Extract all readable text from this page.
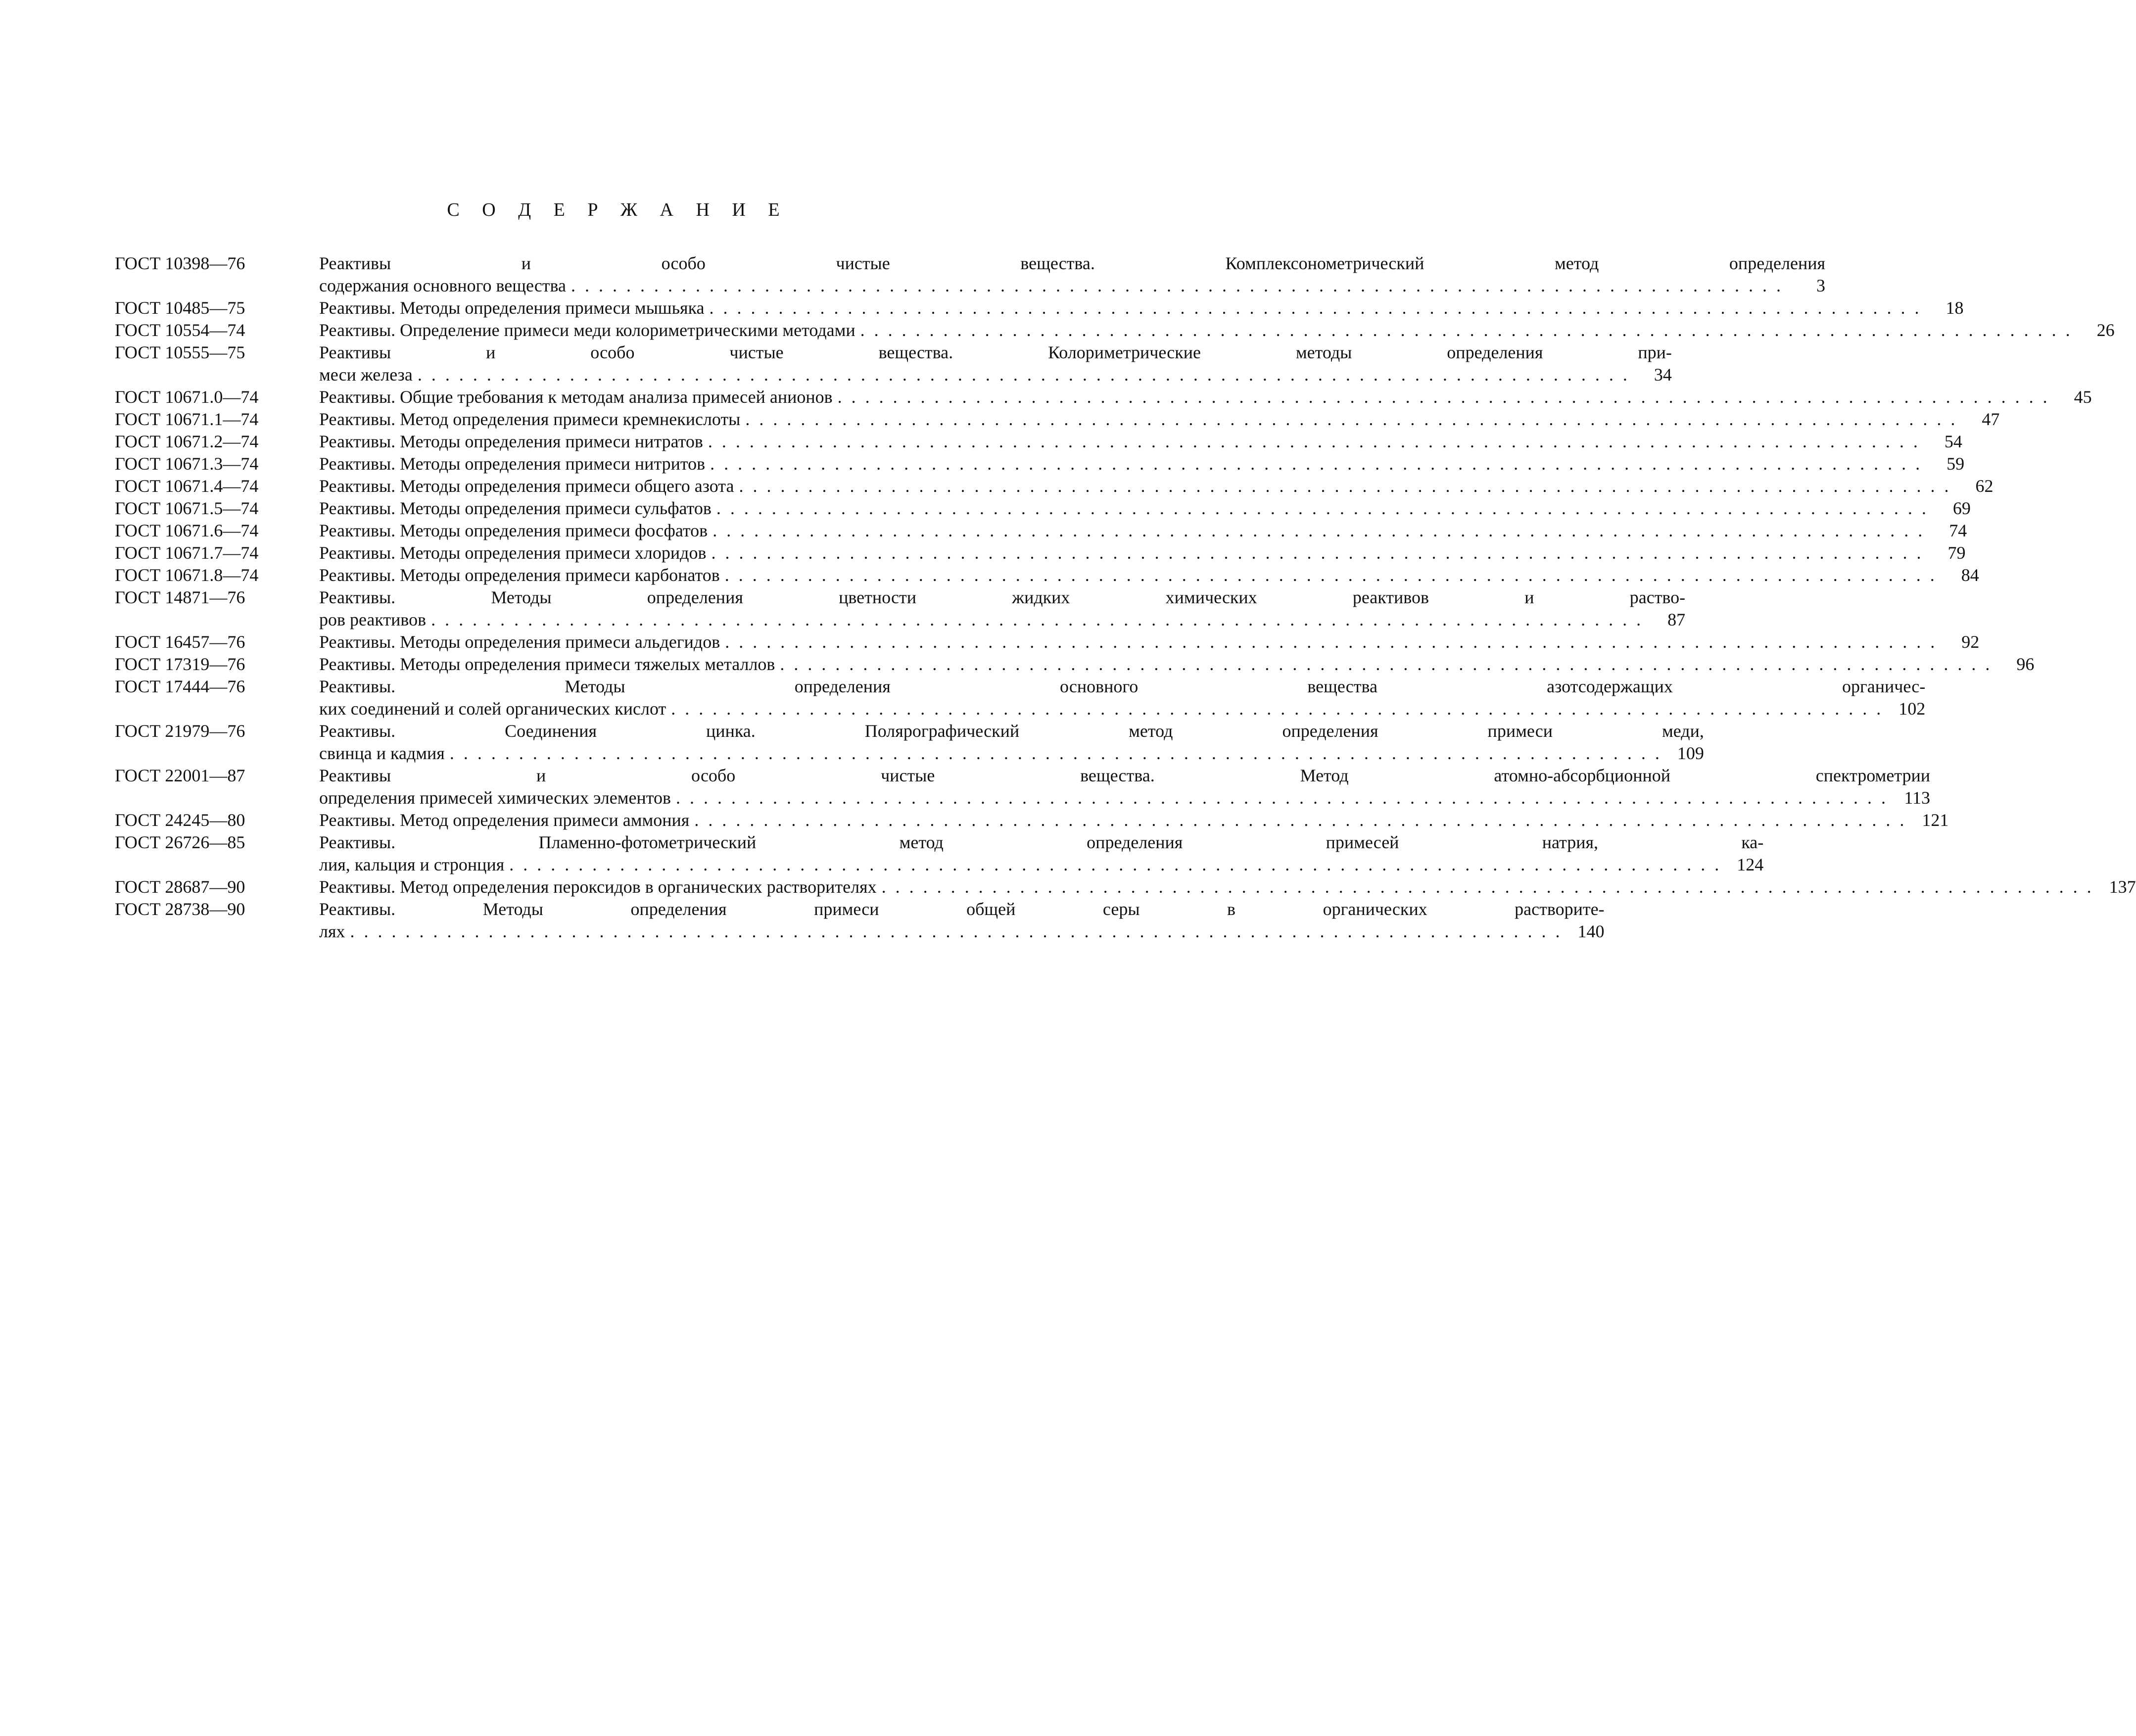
С О Д Е Р Ж А Н И Е
ГОСТ 10398—76	Реактивы и особо чистые вещества. Комплексонометрический метод определения
содержания основного вещества . . .	3
ГОСТ 10485—75	Реактивы. Методы определения примеси мышьяка . . .	18
ГОСТ 10554—74	Реактивы. Определение примеси меди колориметрическими методами . . .	26
ГОСТ 10555—75	Реактивы и особо чистые вещества. Колориметрические методы определения при-
меси железа . . .	34
ГОСТ 10671.0—74	Реактивы. Общие требования к методам анализа примесей анионов . . .	45
ГОСТ 10671.1—74	Реактивы. Метод определения примеси кремнекислоты . . .	47
ГОСТ 10671.2—74	Реактивы. Методы определения примеси нитратов . . .	54
ГОСТ 10671.3—74	Реактивы. Методы определения примеси нитритов . . .	59
ГОСТ 10671.4—74	Реактивы. Методы определения примеси общего азота . . .	62
ГОСТ 10671.5—74	Реактивы. Методы определения примеси сульфатов . . .	69
ГОСТ 10671.6—74	Реактивы. Методы определения примеси фосфатов . . .	74
ГОСТ 10671.7—74	Реактивы. Методы определения примеси хлоридов . . .	79
ГОСТ 10671.8—74	Реактивы. Методы определения примеси карбонатов . . .	84
ГОСТ 14871—76	Реактивы. Методы определения цветности жидких химических реактивов и раство-
ров реактивов . . .	87
ГОСТ 16457—76	Реактивы. Методы определения примеси альдегидов . . .	92
ГОСТ 17319—76	Реактивы. Методы определения примеси тяжелых металлов . . .	96
ГОСТ 17444—76	Реактивы. Методы определения основного вещества азотсодержащих органичес-
ких соединений и солей органических кислот . . .	102
ГОСТ 21979—76	Реактивы. Соединения цинка. Полярографический метод определения примеси меди,
свинца и кадмия . . .	109
ГОСТ 22001—87	Реактивы и особо чистые вещества. Метод атомно-абсорбционной спектрометрии
определения примесей химических элементов . . .	113
ГОСТ 24245—80	Реактивы. Метод определения примеси аммония . . .	121
ГОСТ 26726—85	Реактивы. Пламенно-фотометрический метод определения примесей натрия, ка-
лия, кальция и стронция . . .	124
ГОСТ 28687—90	Реактивы. Метод определения пероксидов в органических растворителях . . .	137
ГОСТ 28738—90	Реактивы. Методы определения примеси общей серы в органических растворите-
лях . . .	140
